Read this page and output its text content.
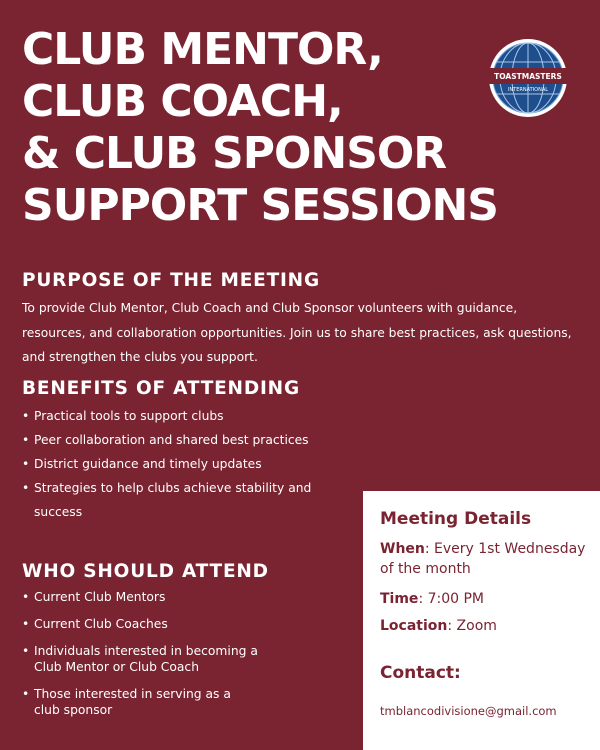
CLUB MENTOR,
CLUB COACH,
& CLUB SPONSOR
SUPPORT SESSIONS
TOASTMASTERS
INTERNATIONAL
PURPOSE OF THE MEETING

To provide Club Mentor, Club Coach and Club Sponsor volunteers with guidance, resources, and collaboration opportunities. Join us to share best practices, ask questions, and strengthen the clubs you support.

BENEFITS OF ATTENDING
• Practical tools to support clubs
• Peer collaboration and shared best practices
• District guidance and timely updates
• Strategies to help clubs achieve stability and success
WHO SHOULD ATTEND
• Current Club Mentors
• Current Club Coaches
• Individuals interested in becoming a Club Mentor or Club Coach
• Those interested in serving as a club sponsor
Meeting Details

When: Every 1st Wednesday of the month

Time: 7:00 PM

Location: Zoom

Contact:

tmblancodivisione@gmail.com
